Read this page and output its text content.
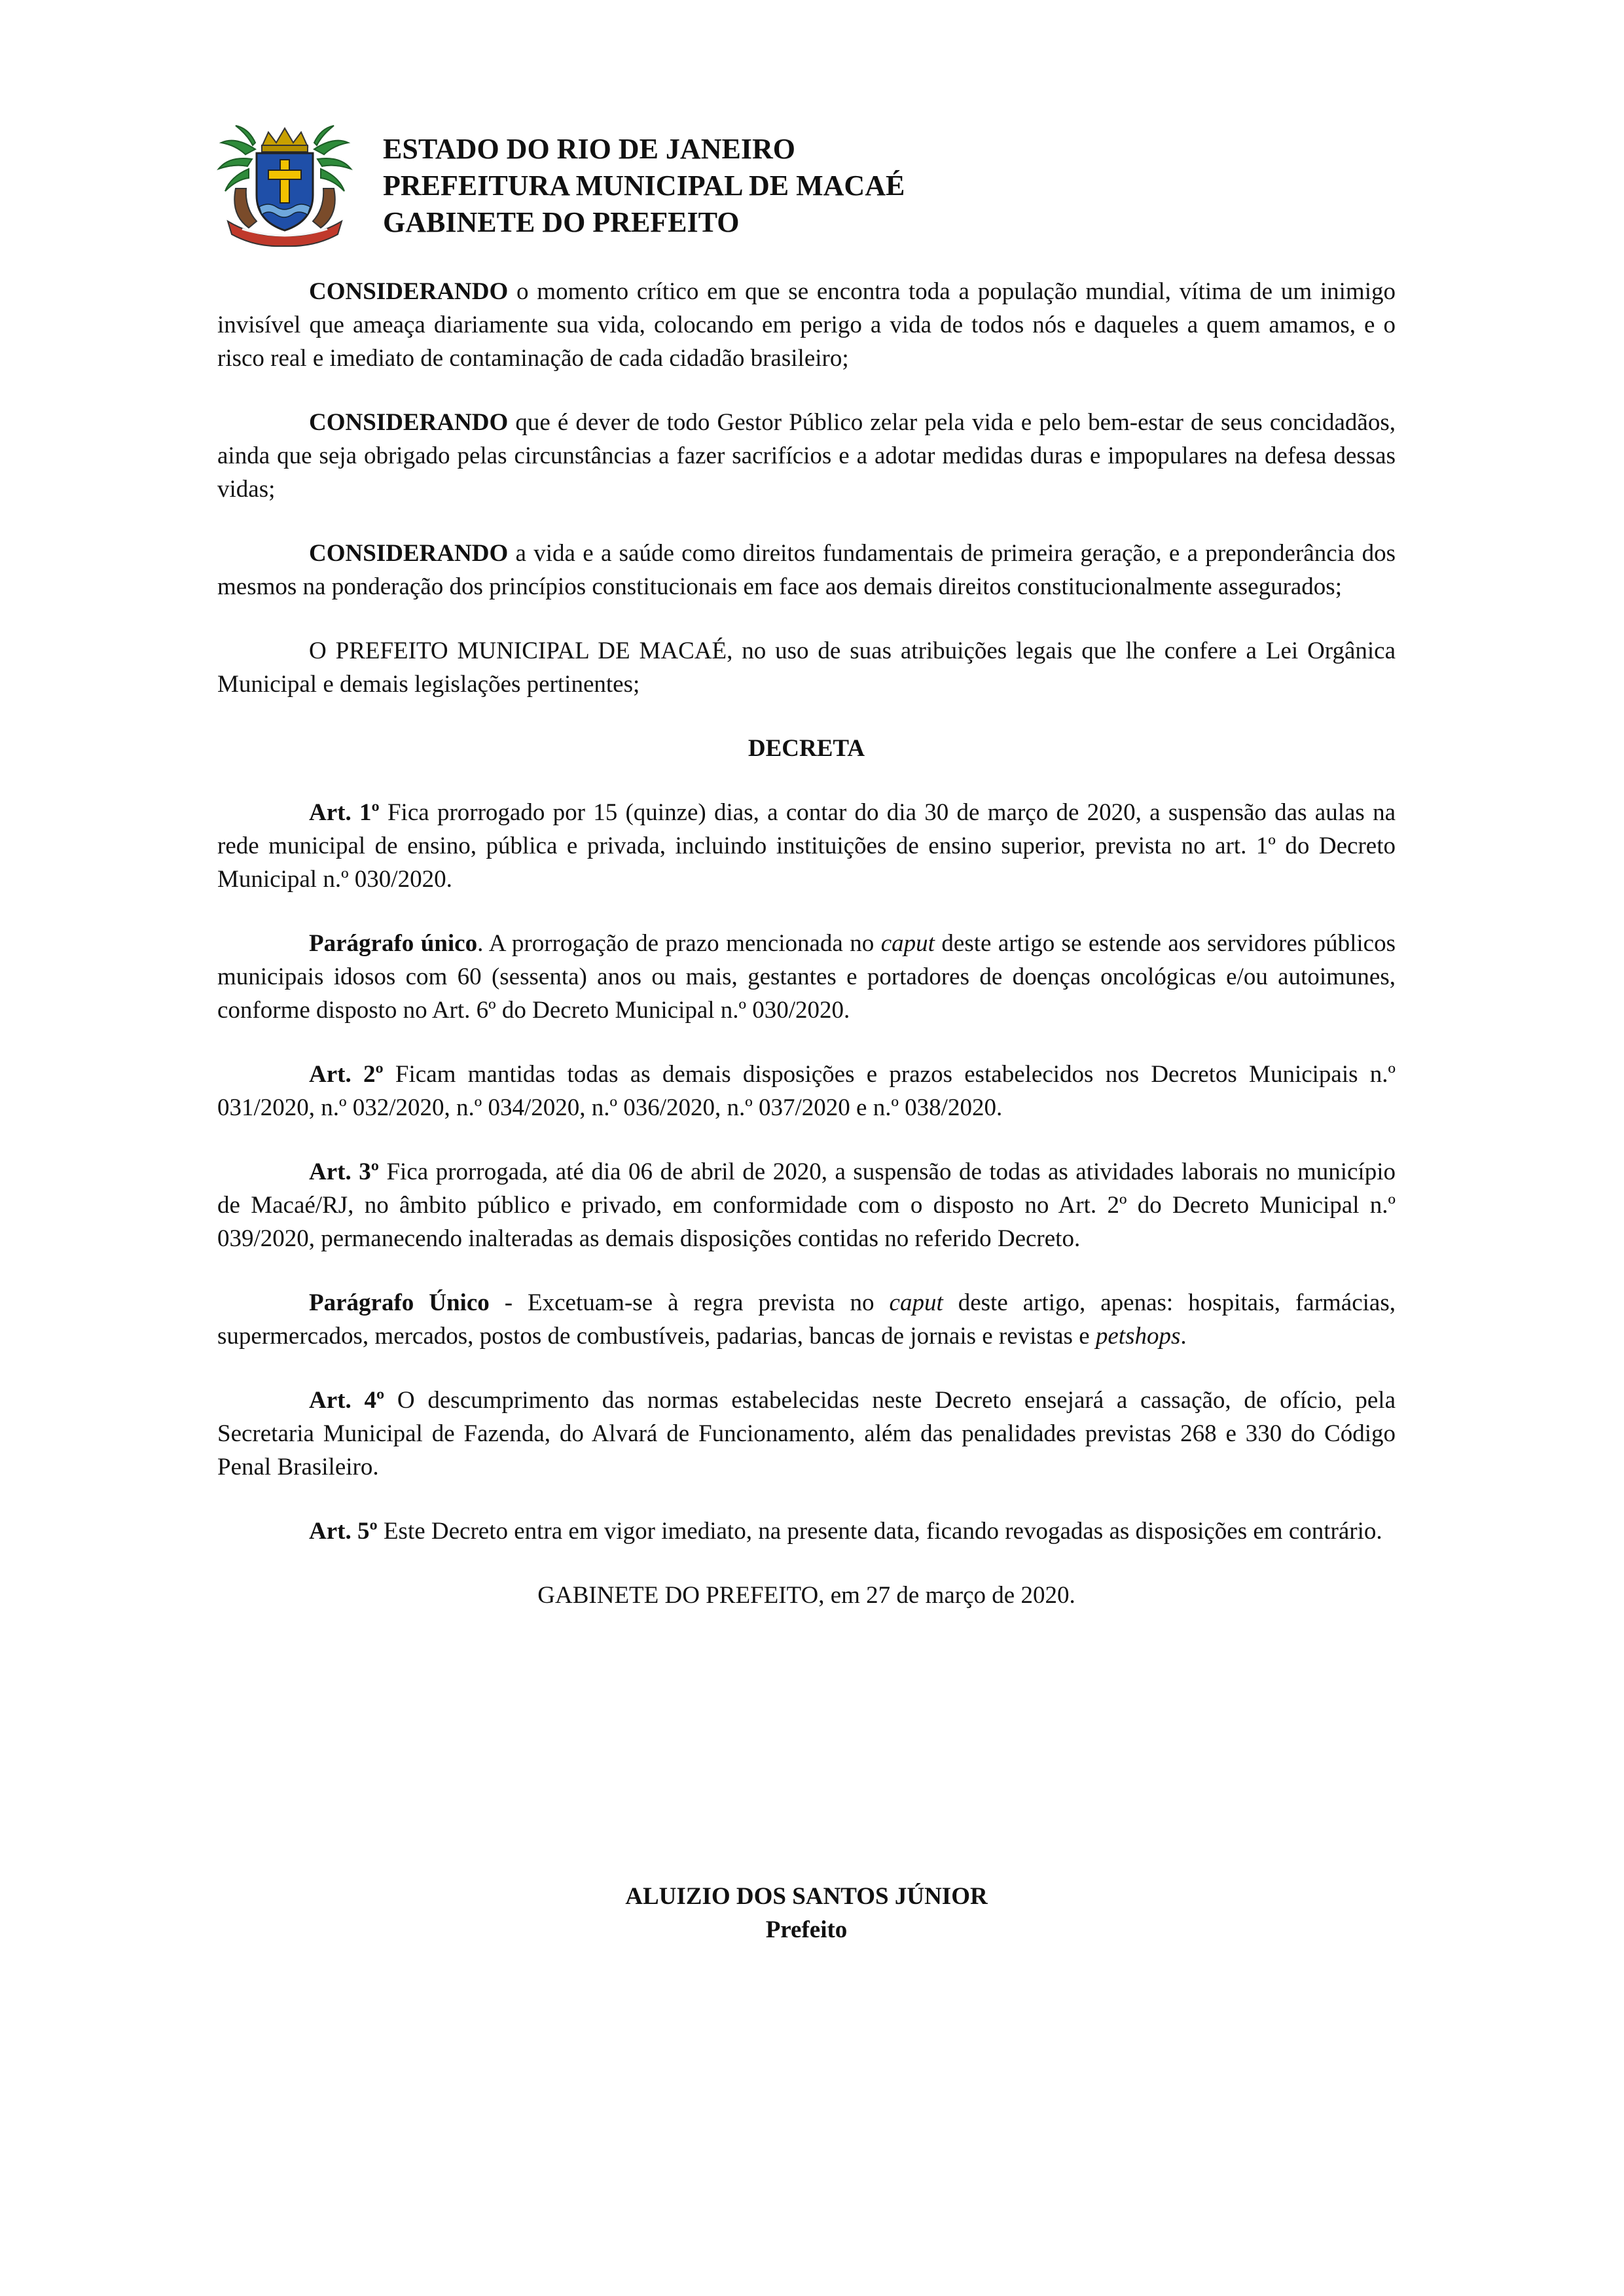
ESTADO DO RIO DE JANEIRO
PREFEITURA MUNICIPAL DE MACAÉ
GABINETE DO PREFEITO

CONSIDERANDO o momento crítico em que se encontra toda a população mundial, vítima de um inimigo invisível que ameaça diariamente sua vida, colocando em perigo a vida de todos nós e daqueles a quem amamos, e o risco real e imediato de contaminação de cada cidadão brasileiro;

CONSIDERANDO que é dever de todo Gestor Público zelar pela vida e pelo bem-estar de seus concidadãos, ainda que seja obrigado pelas circunstâncias a fazer sacrifícios e a adotar medidas duras e impopulares na defesa dessas vidas;

CONSIDERANDO a vida e a saúde como direitos fundamentais de primeira geração, e a preponderância dos mesmos na ponderação dos princípios constitucionais em face aos demais direitos constitucionalmente assegurados;

O PREFEITO MUNICIPAL DE MACAÉ, no uso de suas atribuições legais que lhe confere a Lei Orgânica Municipal e demais legislações pertinentes;

DECRETA

Art. 1º Fica prorrogado por 15 (quinze) dias, a contar do dia 30 de março de 2020, a suspensão das aulas na rede municipal de ensino, pública e privada, incluindo instituições de ensino superior, prevista no art. 1º do Decreto Municipal n.º 030/2020.

Parágrafo único. A prorrogação de prazo mencionada no caput deste artigo se estende aos servidores públicos municipais idosos com 60 (sessenta) anos ou mais, gestantes e portadores de doenças oncológicas e/ou autoimunes, conforme disposto no Art. 6º do Decreto Municipal n.º 030/2020.

Art. 2º Ficam mantidas todas as demais disposições e prazos estabelecidos nos Decretos Municipais n.º 031/2020, n.º 032/2020, n.º 034/2020, n.º 036/2020, n.º 037/2020 e n.º 038/2020.

Art. 3º Fica prorrogada, até dia 06 de abril de 2020, a suspensão de todas as atividades laborais no município de Macaé/RJ, no âmbito público e privado, em conformidade com o disposto no Art. 2º do Decreto Municipal n.º 039/2020, permanecendo inalteradas as demais disposições contidas no referido Decreto.

Parágrafo Único - Excetuam-se à regra prevista no caput deste artigo, apenas: hospitais, farmácias, supermercados, mercados, postos de combustíveis, padarias, bancas de jornais e revistas e petshops.

Art. 4º O descumprimento das normas estabelecidas neste Decreto ensejará a cassação, de ofício, pela Secretaria Municipal de Fazenda, do Alvará de Funcionamento, além das penalidades previstas 268 e 330 do Código Penal Brasileiro.

Art. 5º Este Decreto entra em vigor imediato, na presente data, ficando revogadas as disposições em contrário.

GABINETE DO PREFEITO, em 27 de março de 2020.

ALUIZIO DOS SANTOS JÚNIOR
Prefeito
